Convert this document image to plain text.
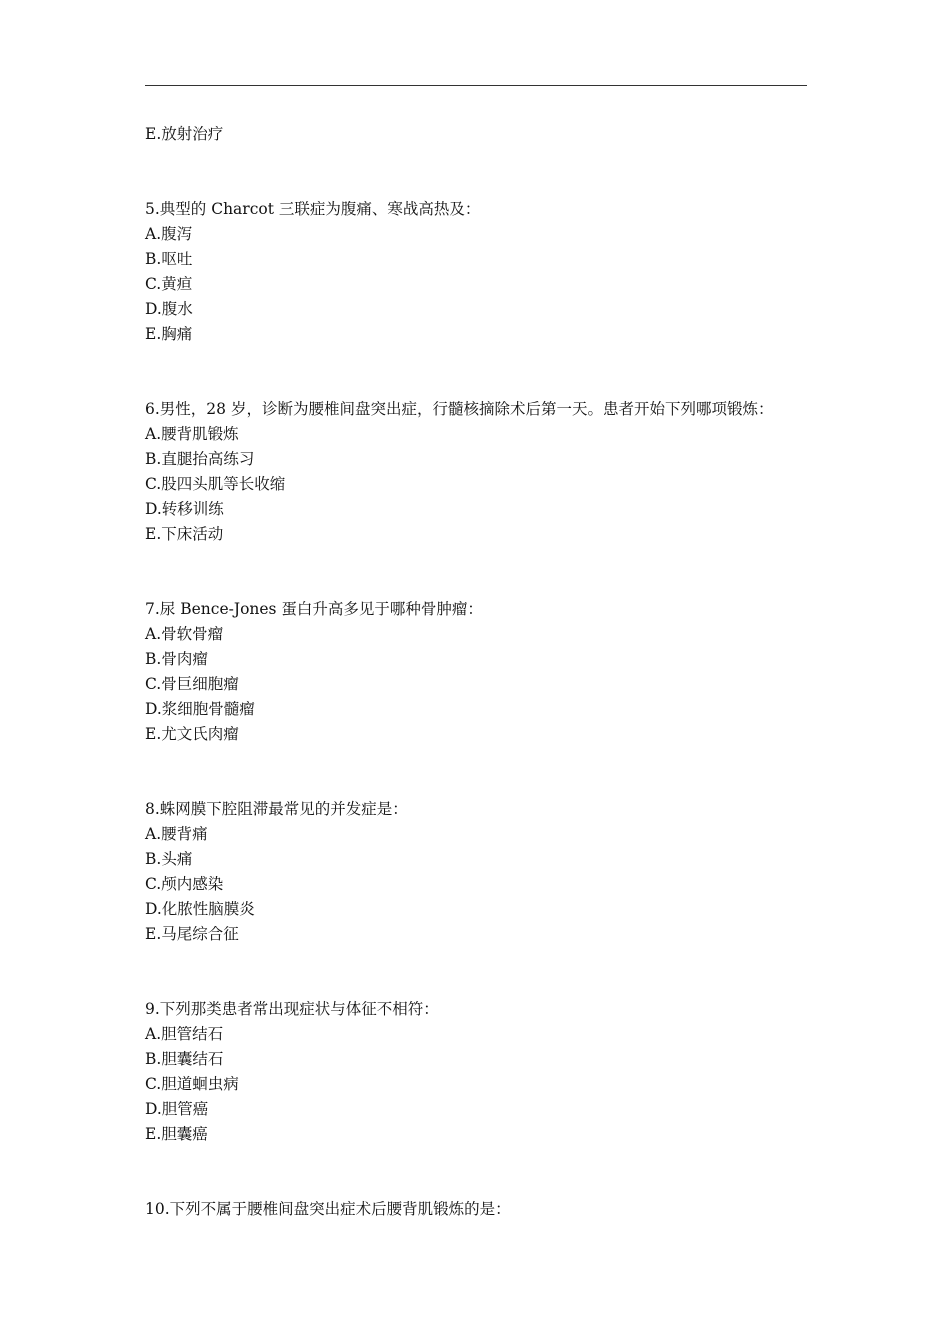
E.放射治疗
5.典型的 Charcot 三联症为腹痛、寒战高热及：
A.腹泻
B.呕吐
C.黄疸
D.腹水
E.胸痛
6.男性，28 岁，诊断为腰椎间盘突出症，行髓核摘除术后第一天。患者开始下列哪项锻炼：
A.腰背肌锻炼
B.直腿抬高练习
C.股四头肌等长收缩
D.转移训练
E.下床活动
7.尿 Bence-Jones 蛋白升高多见于哪种骨肿瘤：
A.骨软骨瘤
B.骨肉瘤
C.骨巨细胞瘤
D.浆细胞骨髓瘤
E.尤文氏肉瘤
8.蛛网膜下腔阻滞最常见的并发症是：
A.腰背痛
B.头痛
C.颅内感染
D.化脓性脑膜炎
E.马尾综合征
9.下列那类患者常出现症状与体征不相符：
A.胆管结石
B.胆囊结石
C.胆道蛔虫病
D.胆管癌
E.胆囊癌
10.下列不属于腰椎间盘突出症术后腰背肌锻炼的是：
